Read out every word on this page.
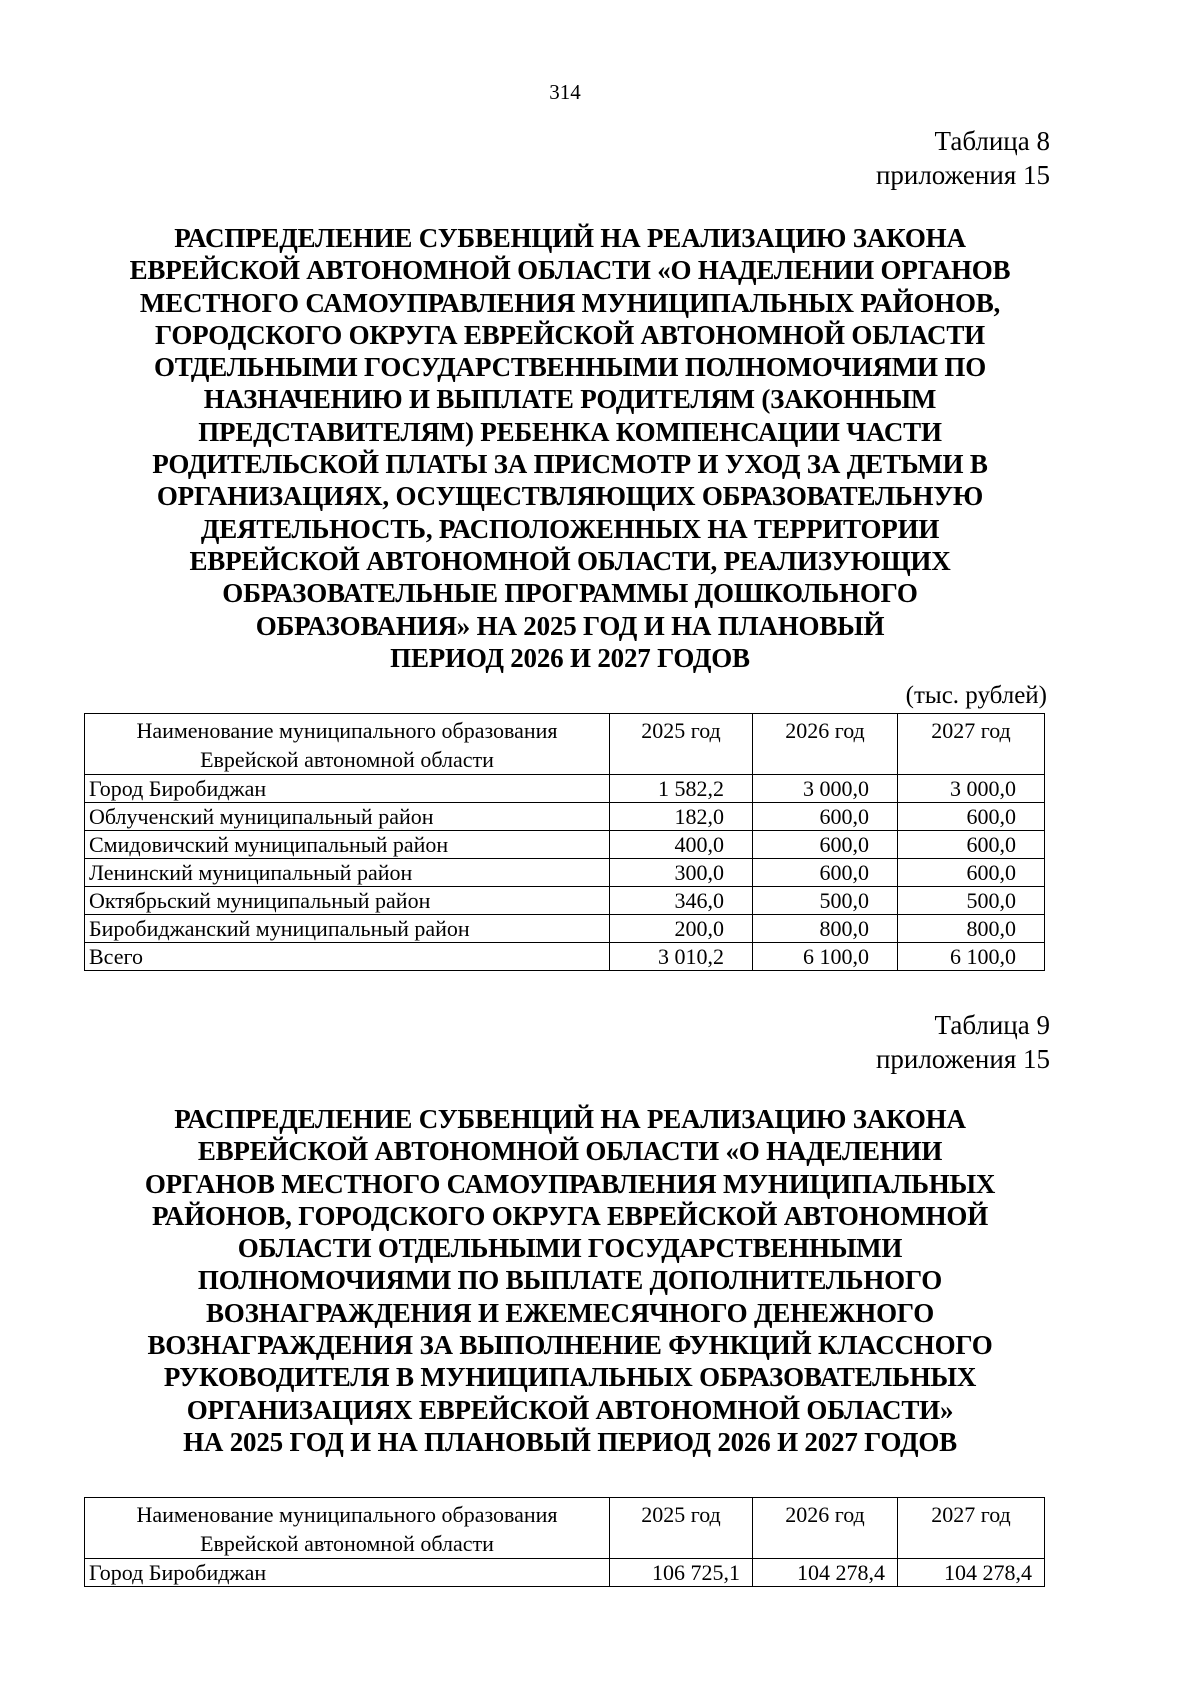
314
Таблица 8
приложения 15
РАСПРЕДЕЛЕНИЕ СУБВЕНЦИЙ НА РЕАЛИЗАЦИЮ ЗАКОНА
ЕВРЕЙСКОЙ АВТОНОМНОЙ ОБЛАСТИ «О НАДЕЛЕНИИ ОРГАНОВ
МЕСТНОГО САМОУПРАВЛЕНИЯ МУНИЦИПАЛЬНЫХ РАЙОНОВ,
ГОРОДСКОГО ОКРУГА ЕВРЕЙСКОЙ АВТОНОМНОЙ ОБЛАСТИ
ОТДЕЛЬНЫМИ ГОСУДАРСТВЕННЫМИ ПОЛНОМОЧИЯМИ ПО
НАЗНАЧЕНИЮ И ВЫПЛАТЕ РОДИТЕЛЯМ (ЗАКОННЫМ
ПРЕДСТАВИТЕЛЯМ) РЕБЕНКА КОМПЕНСАЦИИ ЧАСТИ
РОДИТЕЛЬСКОЙ ПЛАТЫ ЗА ПРИСМОТР И УХОД ЗА ДЕТЬМИ В
ОРГАНИЗАЦИЯХ, ОСУЩЕСТВЛЯЮЩИХ ОБРАЗОВАТЕЛЬНУЮ
ДЕЯТЕЛЬНОСТЬ, РАСПОЛОЖЕННЫХ НА ТЕРРИТОРИИ
ЕВРЕЙСКОЙ АВТОНОМНОЙ ОБЛАСТИ, РЕАЛИЗУЮЩИХ
ОБРАЗОВАТЕЛЬНЫЕ ПРОГРАММЫ ДОШКОЛЬНОГО
ОБРАЗОВАНИЯ» НА 2025 ГОД И НА ПЛАНОВЫЙ
ПЕРИОД 2026 И 2027 ГОДОВ
(тыс. рублей)
Наименование муниципального образования
Еврейской автономной области	2025 год	2026 год	2027 год
Город Биробиджан	1 582,2	3 000,0	3 000,0
Облученский муниципальный район	182,0	600,0	600,0
Смидовичский муниципальный район	400,0	600,0	600,0
Ленинский муниципальный район	300,0	600,0	600,0
Октябрьский муниципальный район	346,0	500,0	500,0
Биробиджанский муниципальный район	200,0	800,0	800,0
Всего	3 010,2	6 100,0	6 100,0
Таблица 9
приложения 15
РАСПРЕДЕЛЕНИЕ СУБВЕНЦИЙ НА РЕАЛИЗАЦИЮ ЗАКОНА
ЕВРЕЙСКОЙ АВТОНОМНОЙ ОБЛАСТИ «О НАДЕЛЕНИИ
ОРГАНОВ МЕСТНОГО САМОУПРАВЛЕНИЯ МУНИЦИПАЛЬНЫХ
РАЙОНОВ, ГОРОДСКОГО ОКРУГА ЕВРЕЙСКОЙ АВТОНОМНОЙ
ОБЛАСТИ ОТДЕЛЬНЫМИ ГОСУДАРСТВЕННЫМИ
ПОЛНОМОЧИЯМИ ПО ВЫПЛАТЕ ДОПОЛНИТЕЛЬНОГО
ВОЗНАГРАЖДЕНИЯ И ЕЖЕМЕСЯЧНОГО ДЕНЕЖНОГО
ВОЗНАГРАЖДЕНИЯ ЗА ВЫПОЛНЕНИЕ ФУНКЦИЙ КЛАССНОГО
РУКОВОДИТЕЛЯ В МУНИЦИПАЛЬНЫХ ОБРАЗОВАТЕЛЬНЫХ
ОРГАНИЗАЦИЯХ ЕВРЕЙСКОЙ АВТОНОМНОЙ ОБЛАСТИ»
НА 2025 ГОД И НА ПЛАНОВЫЙ ПЕРИОД 2026 И 2027 ГОДОВ
Наименование муниципального образования
Еврейской автономной области	2025 год	2026 год	2027 год
Город Биробиджан	106 725,1	104 278,4	104 278,4
